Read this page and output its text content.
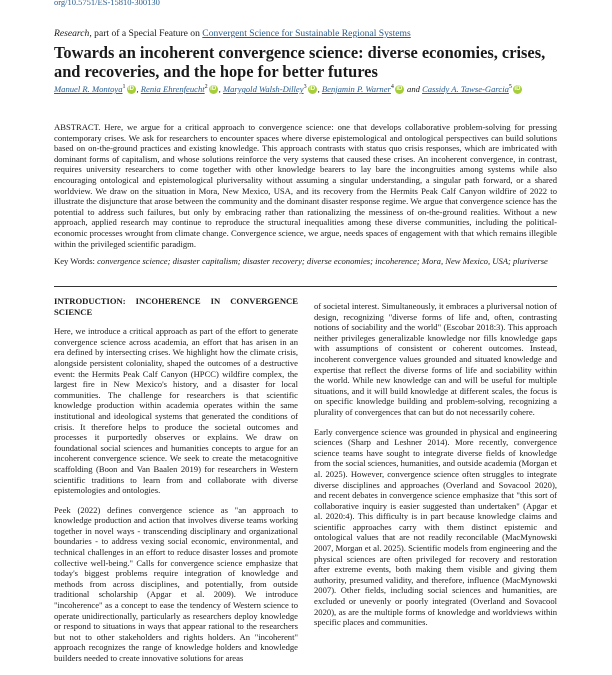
org/10.5751/ES-15810-300130
Research, part of a Special Feature on Convergent Science for Sustainable Regional Systems
Towards an incoherent convergence science: diverse economies, crises, and recoveries, and the hope for better futures
Manuel R. Montoya$^1$ iD , Renia Ehrenfeucht$^2$ iD , Marygold Walsh-Dilley$^3$ iD , Benjamin P. Warner$^4$ iD and Cassidy A. Tawse-Garcia$^5$ iD
ABSTRACT. Here, we argue for a critical approach to convergence science: one that develops collaborative problem-solving for pressing contemporary crises. We ask for researchers to encounter spaces where diverse epistemological and ontological perspectives can build solutions based on on-the-ground practices and existing knowledge. This approach contrasts with status quo crisis responses, which are imbricated with dominant forms of capitalism, and whose solutions reinforce the very systems that caused these crises. An incoherent convergence, in contrast, requires university researchers to come together with other knowledge bearers to lay bare the incongruities among systems while also encouraging ontological and epistemological pluriversality without assuming a singular understanding, a singular path forward, or a shared worldview. We draw on the situation in Mora, New Mexico, USA, and its recovery from the Hermits Peak Calf Canyon wildfire of 2022 to illustrate the disjuncture that arose between the community and the dominant disaster response regime. We argue that convergence science has the potential to address such failures, but only by embracing rather than rationalizing the messiness of on-the-ground realities. Without a new approach, applied research may continue to reproduce the structural inequalities among these diverse communities, including the political-economic processes wrought from climate change. Convergence science, we argue, needs spaces of engagement with that which remains illegible within the privileged scientific paradigm.
Key Words: convergence science; disaster capitalism; disaster recovery; diverse economies; incoherence; Mora, New Mexico, USA; pluriverse

INTRODUCTION: INCOHERENCE IN CONVERGENCE SCIENCE

Here, we introduce a critical approach as part of the effort to generate convergence science across academia, an effort that has arisen in an era defined by intersecting crises. We highlight how the climate crisis, alongside persistent coloniality, shaped the outcomes of a destructive event: the Hermits Peak Calf Canyon (HPCC) wildfire complex, the largest fire in New Mexico's history, and a disaster for local communities. The challenge for researchers is that scientific knowledge production within academia operates within the same institutional and ideological systems that generated the conditions of crisis. It therefore helps to produce the societal outcomes and processes it purportedly observes or explains. We draw on foundational social sciences and humanities concepts to argue for an incoherent convergence science. We seek to create the metacognitive scaffolding (Boon and Van Baalen 2019) for researchers in Western scientific traditions to learn from and collaborate with diverse epistemologies and ontologies.

Peek (2022) defines convergence science as "an approach to knowledge production and action that involves diverse teams working together in novel ways - transcending disciplinary and organizational boundaries - to address vexing social economic, environmental, and technical challenges in an effort to reduce disaster losses and promote collective well-being." Calls for convergence science emphasize that today's biggest problems require integration of knowledge and methods from across disciplines, and potentially, from outside traditional scholarship (Apgar et al. 2009). We introduce "incoherence" as a concept to ease the tendency of Western science to operate unidirectionally, particularly as researchers deploy knowledge or respond to situations in ways that appear rational to the researchers but not to other stakeholders and rights holders. An "incoherent" approach recognizes the range of knowledge holders and knowledge builders needed to create innovative solutions for areas

of societal interest. Simultaneously, it embraces a pluriversal notion of design, recognizing "diverse forms of life and, often, contrasting notions of sociability and the world" (Escobar 2018:3). This approach neither privileges generalizable knowledge nor fills knowledge gaps with assumptions of consistent or coherent outcomes. Instead, incoherent convergence values grounded and situated knowledge and expertise that reflect the diverse forms of life and sociability within the world. While new knowledge can and will be useful for multiple situations, and it will build knowledge at different scales, the focus is on specific knowledge building and problem-solving, recognizing a plurality of convergences that can but do not necessarily cohere.

Early convergence science was grounded in physical and engineering sciences (Sharp and Leshner 2014). More recently, convergence science teams have sought to integrate diverse fields of knowledge from the social sciences, humanities, and outside academia (Morgan et al. 2025). However, convergence science often struggles to integrate diverse disciplines and approaches (Overland and Sovacool 2020), and recent debates in convergence science emphasize that "this sort of collaborative inquiry is easier suggested than undertaken" (Apgar et al. 2020:4). This difficulty is in part because knowledge claims and scientific approaches carry with them distinct epistemic and ontological values that are not readily reconcilable (MacMynowski 2007, Morgan et al. 2025). Scientific models from engineering and the physical sciences are often privileged for recovery and restoration after extreme events, both making them visible and giving them authority, presumed validity, and therefore, influence (MacMynowski 2007). Other fields, including social sciences and humanities, are excluded or unevenly or poorly integrated (Overland and Sovacool 2020), as are the multiple forms of knowledge and worldviews within specific places and communities.
